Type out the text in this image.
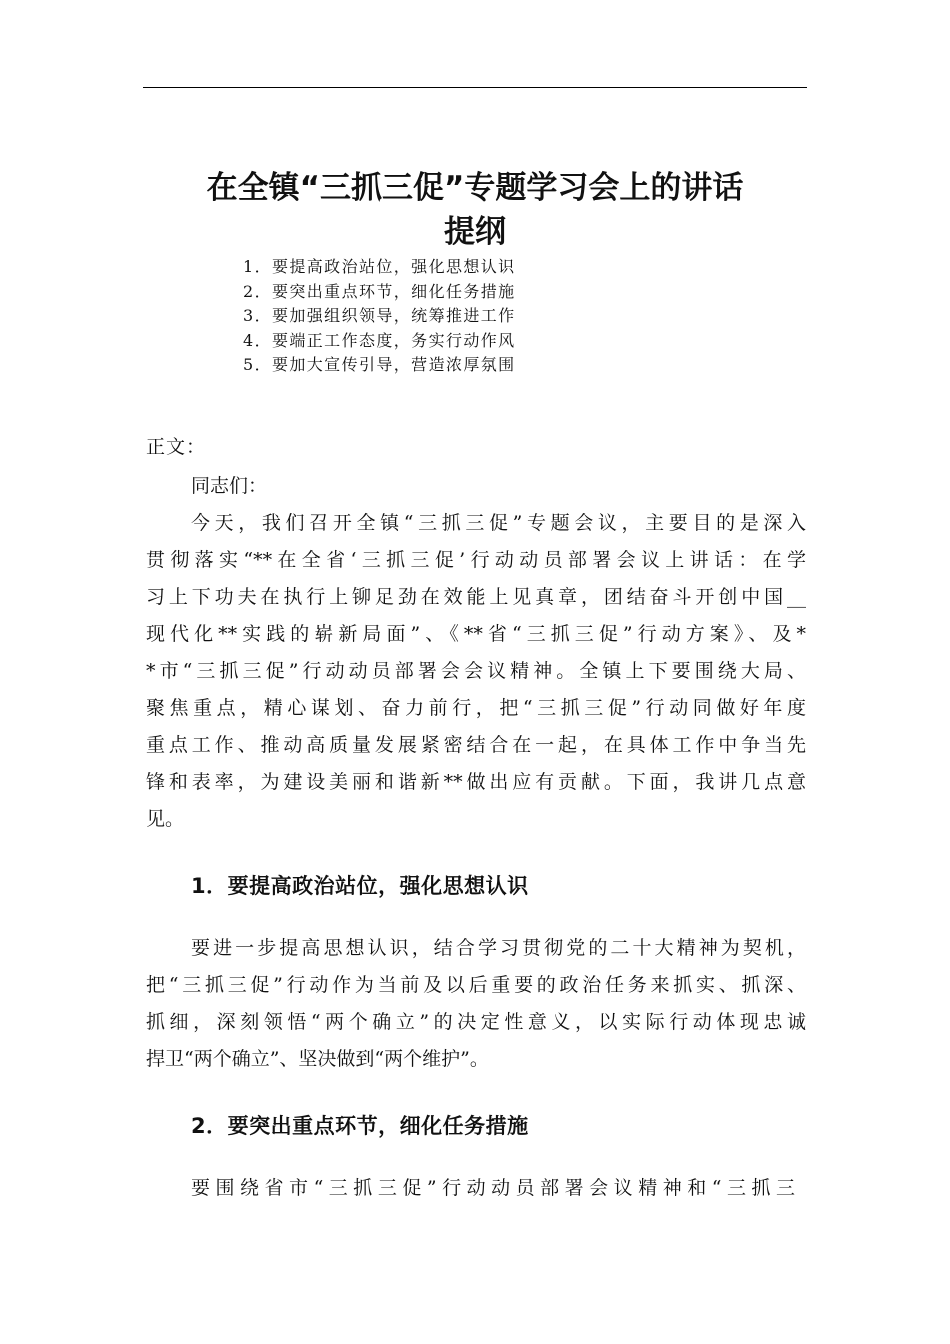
在全镇“三抓三促”专题学习会上的讲话
提纲
1．要提高政治站位，强化思想认识
2．要突出重点环节，细化任务措施
3．要加强组织领导，统筹推进工作
4．要端正工作态度，务实行动作风
5．要加大宣传引导，营造浓厚氛围
正文：
同志们：
今天，我们召开全镇“三抓三促”专题会议，主要目的是深入
贯彻落实“**在全省‘三抓三促’行动动员部署会议上讲话：在学
习上下功夫在执行上铆足劲在效能上见真章，团结奋斗开创中国__
现代化**实践的崭新局面”、《**省“三抓三促”行动方案》、及*
*市“三抓三促”行动动员部署会会议精神。全镇上下要围绕大局、
聚焦重点，精心谋划、奋力前行，把“三抓三促”行动同做好年度
重点工作、推动高质量发展紧密结合在一起，在具体工作中争当先
锋和表率，为建设美丽和谐新**做出应有贡献。下面，我讲几点意
见。
1．要提高政治站位，强化思想认识
要进一步提高思想认识，结合学习贯彻党的二十大精神为契机，
把“三抓三促”行动作为当前及以后重要的政治任务来抓实、抓深、
抓细，深刻领悟“两个确立”的决定性意义，以实际行动体现忠诚
捍卫“两个确立”、坚决做到“两个维护”。
2．要突出重点环节，细化任务措施
要围绕省市“三抓三促”行动动员部署会议精神和“三抓三
